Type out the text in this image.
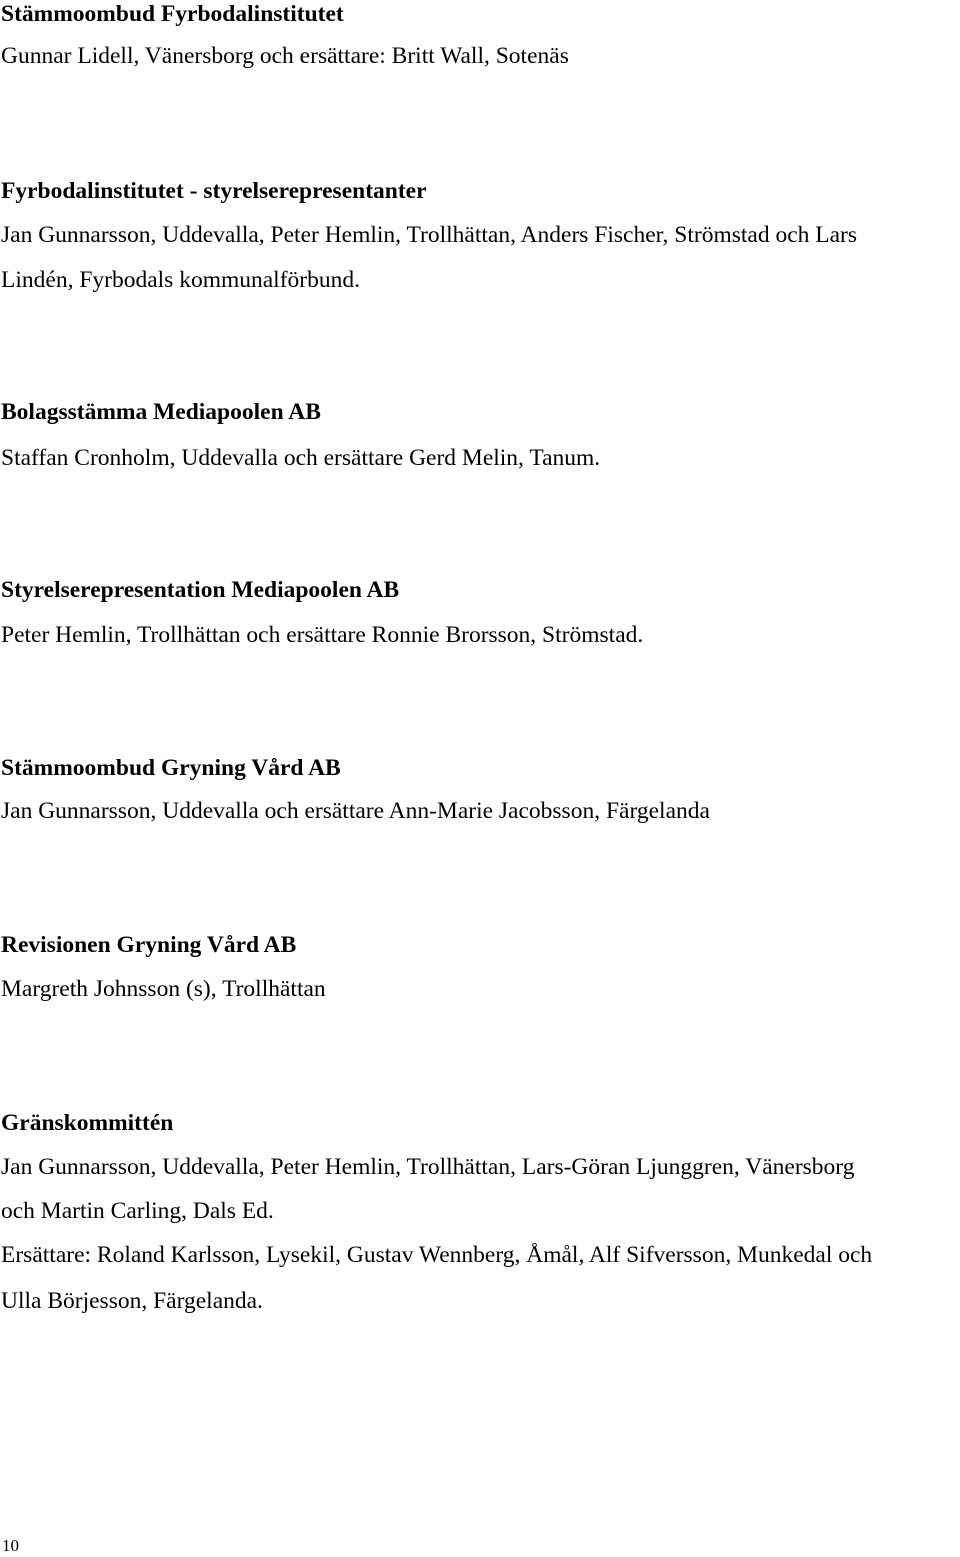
Stämmoombud Fyrbodalinstitutet
Gunnar Lidell, Vänersborg och ersättare: Britt Wall, Sotenäs
Fyrbodalinstitutet - styrelserepresentanter
Jan Gunnarsson, Uddevalla, Peter Hemlin, Trollhättan, Anders Fischer, Strömstad och Lars
Lindén, Fyrbodals kommunalförbund.
Bolagsstämma Mediapoolen AB
Staffan Cronholm, Uddevalla och ersättare Gerd Melin, Tanum.
Styrelserepresentation Mediapoolen AB
Peter Hemlin, Trollhättan och ersättare Ronnie Brorsson, Strömstad.
Stämmoombud Gryning Vård AB
Jan Gunnarsson, Uddevalla och ersättare Ann-Marie Jacobsson, Färgelanda
Revisionen Gryning Vård AB
Margreth Johnsson (s), Trollhättan
Gränskommittén
Jan Gunnarsson, Uddevalla, Peter Hemlin, Trollhättan, Lars-Göran Ljunggren, Vänersborg
och Martin Carling, Dals Ed.
Ersättare: Roland Karlsson, Lysekil, Gustav Wennberg, Åmål, Alf Sifversson, Munkedal och
Ulla Börjesson, Färgelanda.
10
